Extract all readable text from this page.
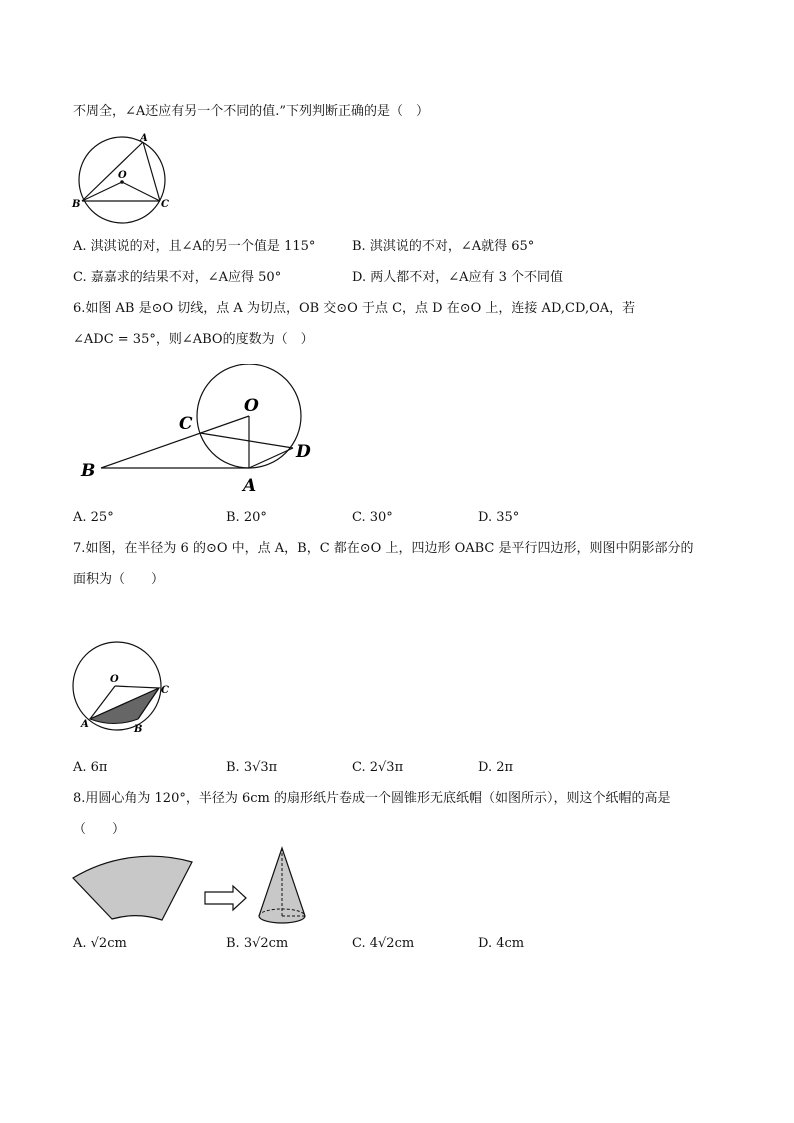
不周全，∠A还应有另一个不同的值.”下列判断正确的是（　）
A
O
B	C
A. 淇淇说的对，且∠A的另一个值是 115°	B. 淇淇说的不对，∠A就得 65°
C. 嘉嘉求的结果不对，∠A应得 50°	D. 两人都不对，∠A应有 3 个不同值
6.如图 AB 是⊙O 切线，点 A 为切点，OB 交⊙O 于点 C，点 D 在⊙O 上，连接 AD,CD,OA，若
∠ADC = 35°，则∠ABO的度数为（　）
O
C
D
B
A
A. 25°	B. 20°	C. 30°	D. 35°
7.如图，在半径为 6 的⊙O 中，点 A，B，C 都在⊙O 上，四边形 OABC 是平行四边形，则图中阴影部分的
面积为（　　）
O
C
A	B
A. 6π	B. 3√3π	C. 2√3π	D. 2π
8.用圆心角为 120°，半径为 6cm 的扇形纸片卷成一个圆锥形无底纸帽（如图所示），则这个纸帽的高是
（　　）
A. √2cm	B. 3√2cm	C. 4√2cm	D. 4cm
